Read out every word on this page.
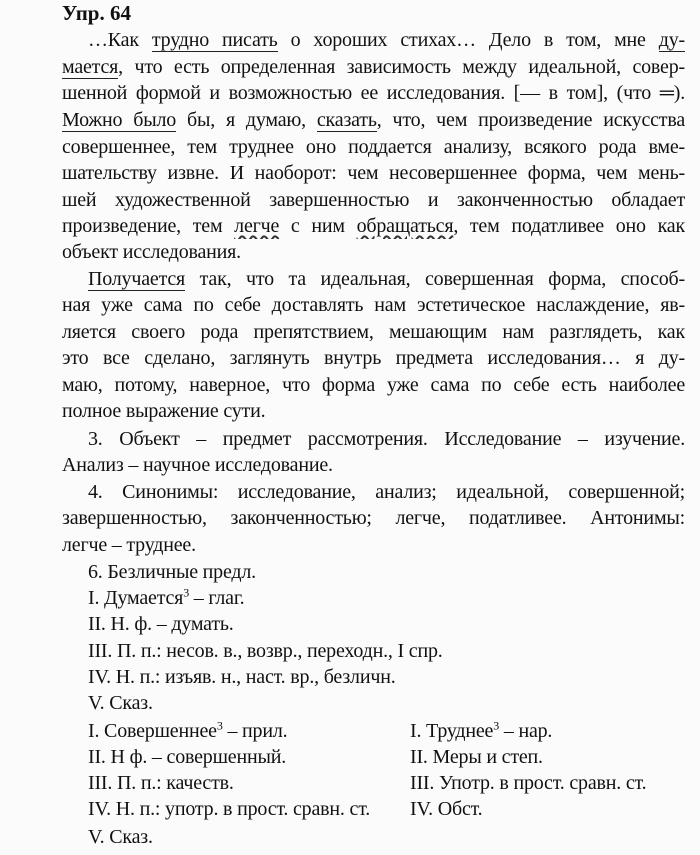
Упр. 64
…Как трудно писать о хороших стихах… Дело в том, мне ду-
мается, что есть определенная зависимость между идеальной, совер-
шенной формой и возможностью ее исследования. [— в том], (что ═).
Можно было бы, я думаю, сказать, что, чем произведение искусства
совершеннее, тем труднее оно поддается анализу, всякого рода вме-
шательству извне. И наоборот: чем несовершеннее форма, чем мень-
шей художественной завершенностью и законченностью обладает
произведение, тем легче с ним обращаться, тем податливее оно как
объект исследования.
Получается так, что та идеальная, совершенная форма, способ-
ная уже сама по себе доставлять нам эстетическое наслаждение, яв-
ляется своего рода препятствием, мешающим нам разглядеть, как
это все сделано, заглянуть внутрь предмета исследования… я ду-
маю, потому, наверное, что форма уже сама по себе есть наиболее
полное выражение сути.
3. Объект – предмет рассмотрения. Исследование – изучение.
Анализ – научное исследование.
4. Синонимы: исследование, анализ; идеальной, совершенной;
завершенностью, законченностью; легче, податливее. Антонимы:
легче – труднее.
6. Безличные предл.
I. Думается$^3$ – глаг.
II. Н. ф. – думать.
III. П. п.: несов. в., возвр., переходн., I спр.
IV. Н. п.: изъяв. н., наст. вр., безличн.
V. Сказ.
I. Совершеннее$^3$ – прил.	I. Труднее$^3$ – нар.
II. Н ф. – совершенный.	II. Меры и степ.
III. П. п.: качеств.	III. Употр. в прост. сравн. ст.
IV. Н. п.: употр. в прост. сравн. ст. IV. Обст.
V. Сказ.
